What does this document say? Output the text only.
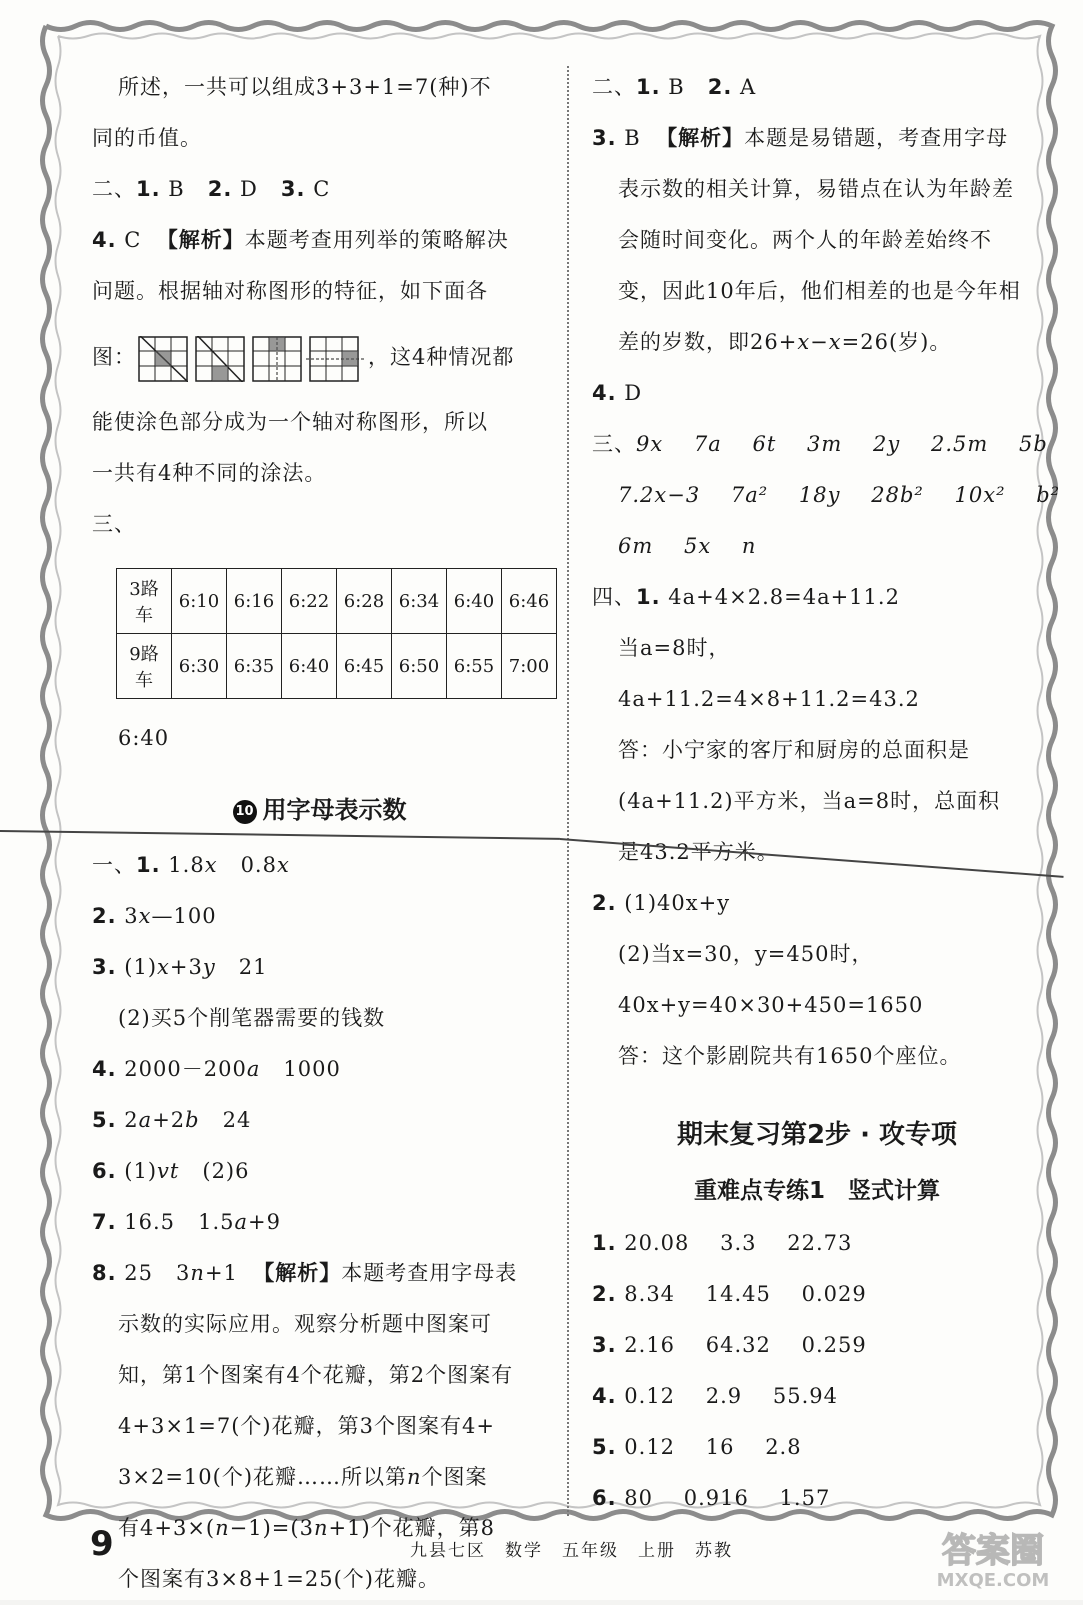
所述，一共可以组成3+3+1=7(种)不
同的币值。
二、1. B 2. D 3. C
4. C 【解析】本题考查用列举的策略解决
问题。根据轴对称图形的特征，如下面各
图：	，这4种情况都
能使涂色部分成为一个轴对称图形，所以
一共有4种不同的涂法。
三、
3路车	6:10	6:16	6:22	6:28	6:34	6:40	6:46
9路车	6:30	6:35	6:40	6:45	6:50	6:55	7:00
6:40
10 用字母表示数
一、1. 1.8x 0.8x
2. 3x—100
3. (1)x+3y 21
(2)买5个削笔器需要的钱数
4. 2000－200a 1000
5. 2a+2b 24
6. (1)vt (2)6
7. 16.5 1.5a+9
8. 25 3n+1 【解析】本题考查用字母表
示数的实际应用。观察分析题中图案可
知，第1个图案有4个花瓣，第2个图案有
4+3×1=7(个)花瓣，第3个图案有4+
3×2=10(个)花瓣……所以第n个图案
有4+3×(n−1)=(3n+1)个花瓣，第8
个图案有3×8+1=25(个)花瓣。
二、1. B 2. A
3. B 【解析】本题是易错题，考查用字母
表示数的相关计算，易错点在认为年龄差
会随时间变化。两个人的年龄差始终不
变，因此10年后，他们相差的也是今年相
差的岁数，即26+x−x=26(岁)。
4. D
三、9x 7a 6t 3m 2y 2.5m 5b
7.2x−3 7a² 18y 28b² 10x² b²
6m 5x n
四、1. 4a+4×2.8=4a+11.2
当a=8时，
4a+11.2=4×8+11.2=43.2
答：小宁家的客厅和厨房的总面积是
(4a+11.2)平方米，当a=8时，总面积
是43.2平方米。
2. (1)40x+y
(2)当x=30，y=450时，
40x+y=40×30+450=1650
答：这个影剧院共有1650个座位。
期末复习第2步 · 攻专项
重难点专练1　竖式计算
1. 20.08 3.3 22.73
2. 8.34 14.45 0.029
3. 2.16 64.32 0.259
4. 0.12 2.9 55.94
5. 0.12 16 2.8
6. 80 0.916 1.57
9	九县七区　数学　五年级　上册　苏教	答案圈
MXQE.COM
